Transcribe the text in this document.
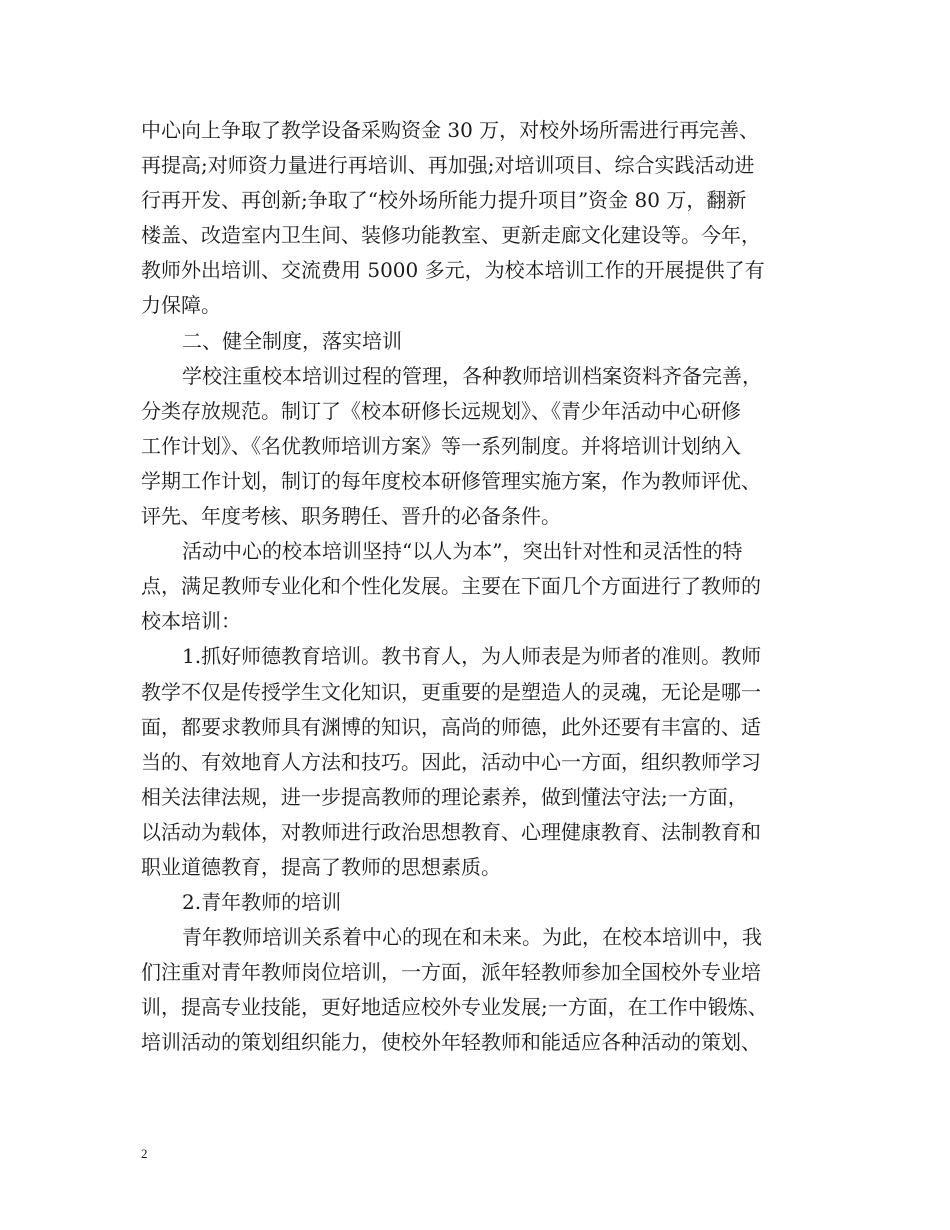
中心向上争取了教学设备采购资金 30 万，对校外场所需进行再完善、
再提高;对师资力量进行再培训、再加强;对培训项目、综合实践活动进
行再开发、再创新;争取了“校外场所能力提升项目”资金 80 万，翻新
楼盖、改造室内卫生间、装修功能教室、更新走廊文化建设等。今年，
教师外出培训、交流费用 5000 多元，为校本培训工作的开展提供了有
力保障。
二、健全制度，落实培训
学校注重校本培训过程的管理，各种教师培训档案资料齐备完善，
分类存放规范。制订了《校本研修长远规划》、《青少年活动中心研修
工作计划》、《名优教师培训方案》等一系列制度。并将培训计划纳入
学期工作计划，制订的每年度校本研修管理实施方案，作为教师评优、
评先、年度考核、职务聘任、晋升的必备条件。
活动中心的校本培训坚持“以人为本”，突出针对性和灵活性的特
点，满足教师专业化和个性化发展。主要在下面几个方面进行了教师的
校本培训：
1.抓好师德教育培训。教书育人，为人师表是为师者的准则。教师
教学不仅是传授学生文化知识，更重要的是塑造人的灵魂，无论是哪一
面，都要求教师具有渊博的知识，高尚的师德，此外还要有丰富的、适
当的、有效地育人方法和技巧。因此，活动中心一方面，组织教师学习
相关法律法规，进一步提高教师的理论素养，做到懂法守法;一方面，
以活动为载体，对教师进行政治思想教育、心理健康教育、法制教育和
职业道德教育，提高了教师的思想素质。
2.青年教师的培训
青年教师培训关系着中心的现在和未来。为此，在校本培训中，我
们注重对青年教师岗位培训，一方面，派年轻教师参加全国校外专业培
训，提高专业技能，更好地适应校外专业发展;一方面，在工作中锻炼、
培训活动的策划组织能力，使校外年轻教师和能适应各种活动的策划、
2
